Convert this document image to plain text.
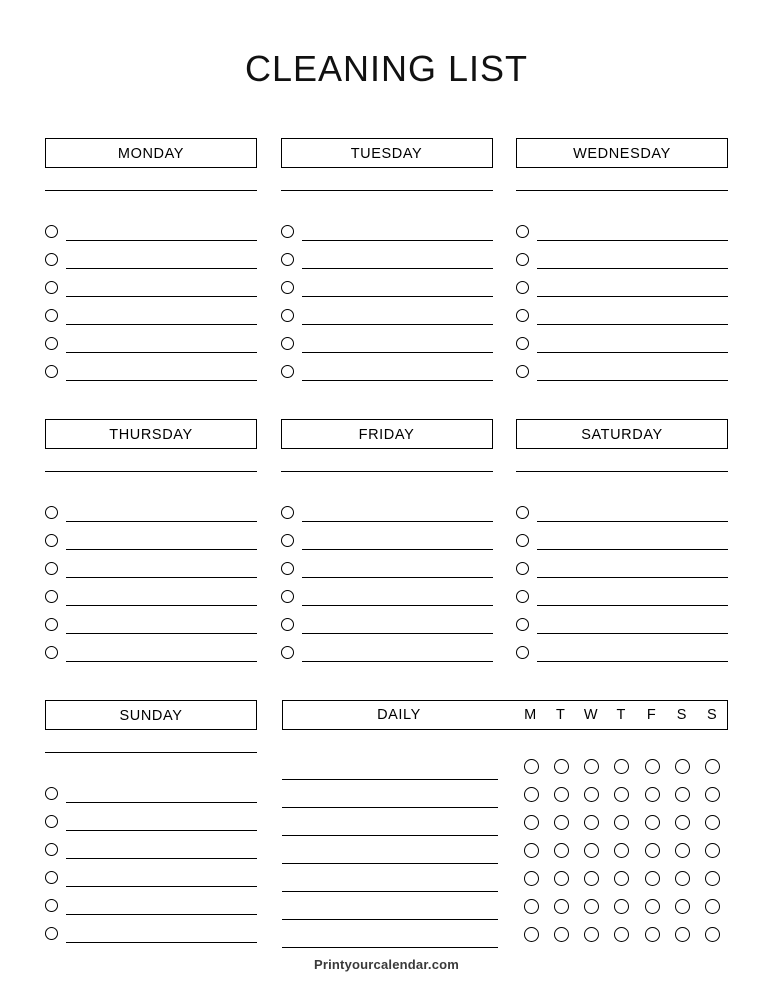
CLEANING LIST
MONDAY	TUESDAY	WEDNESDAY
THURSDAY	FRIDAY	SATURDAY
SUNDAY	DAILY	M	T	W	T	F	S	S
Printyourcalendar.com
